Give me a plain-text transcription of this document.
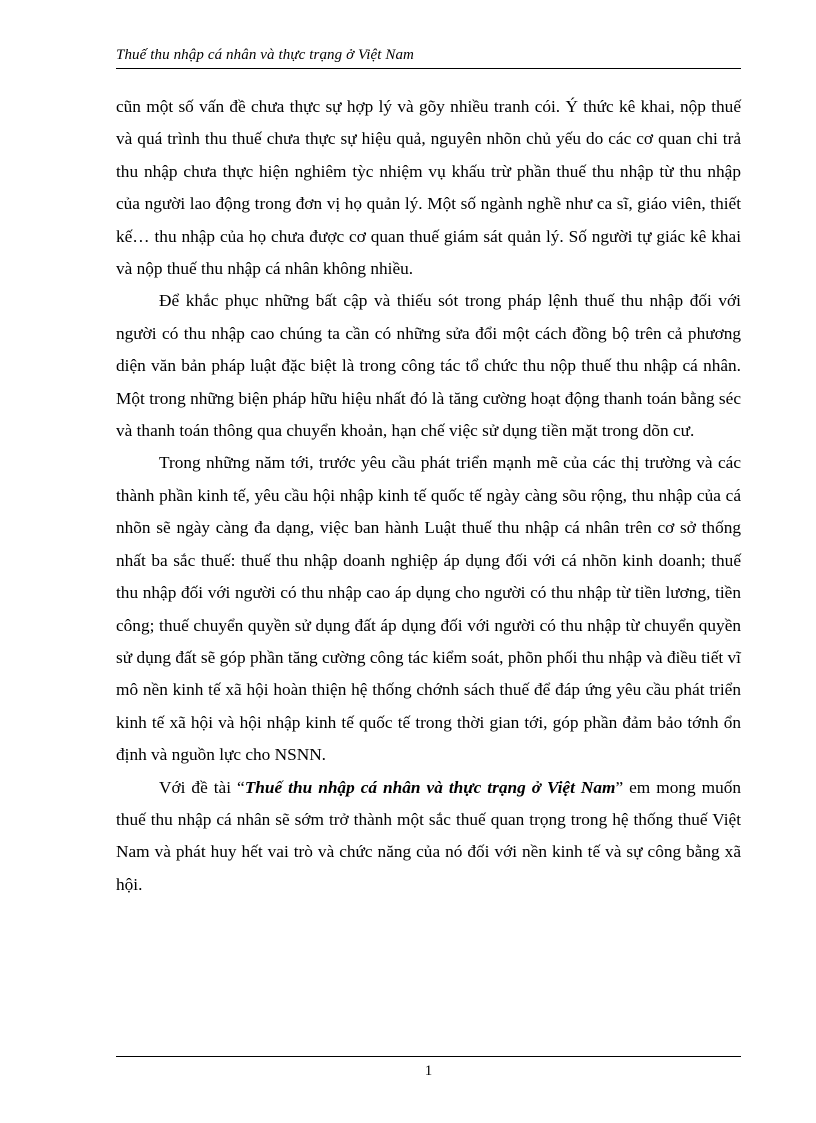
Thuế thu nhập cá nhân và thực trạng ở Việt Nam

cũn một số vấn đề chưa thực sự hợp lý và gõy nhiều tranh cói. Ý thức kê khai, nộp thuế và quá trình thu thuế chưa thực sự hiệu quả, nguyên nhõn chủ yếu do các cơ quan chi trả thu nhập chưa thực hiện nghiêm tỳc nhiệm vụ khấu trừ phần thuế thu nhập từ thu nhập của người lao động trong đơn vị họ quản lý. Một số ngành nghề như ca sĩ, giáo viên, thiết kế… thu nhập của họ chưa được cơ quan thuế giám sát quản lý. Số người tự giác kê khai và nộp thuế thu nhập cá nhân không nhiều.

Để khắc phục những bất cập và thiếu sót trong pháp lệnh thuế thu nhập đối với người có thu nhập cao chúng ta cần có những sửa đổi một cách đồng bộ trên cả phương diện văn bản pháp luật đặc biệt là trong công tác tổ chức thu nộp thuế thu nhập cá nhân. Một trong những biện pháp hữu hiệu nhất đó là tăng cường hoạt động thanh toán bằng séc và thanh toán thông qua chuyển khoản, hạn chế việc sử dụng tiền mặt trong dõn cư.

Trong những năm tới, trước yêu cầu phát triển mạnh mẽ của các thị trường và các thành phần kinh tế, yêu cầu hội nhập kinh tế quốc tế ngày càng sõu rộng, thu nhập của cá nhõn sẽ ngày càng đa dạng, việc ban hành Luật thuế thu nhập cá nhân trên cơ sở thống nhất ba sắc thuế: thuế thu nhập doanh nghiệp áp dụng đối với cá nhõn kinh doanh; thuế thu nhập đối với người có thu nhập cao áp dụng cho người có thu nhập từ tiền lương, tiền công; thuế chuyển quyền sử dụng đất áp dụng đối với người có thu nhập từ chuyển quyền sử dụng đất sẽ góp phần tăng cường công tác kiểm soát, phõn phối thu nhập và điều tiết vĩ mô nền kinh tế xã hội hoàn thiện hệ thống chớnh sách thuế để đáp ứng yêu cầu phát triển kinh tế xã hội và hội nhập kinh tế quốc tế trong thời gian tới, góp phần đảm bảo tớnh ổn định và nguồn lực cho NSNN.

Với đề tài “Thuế thu nhập cá nhân và thực trạng ở Việt Nam” em mong muốn thuế thu nhập cá nhân sẽ sớm trở thành một sắc thuế quan trọng trong hệ thống thuế Việt Nam và phát huy hết vai trò và chức năng của nó đối với nền kinh tế và sự công bằng xã hội.

1
